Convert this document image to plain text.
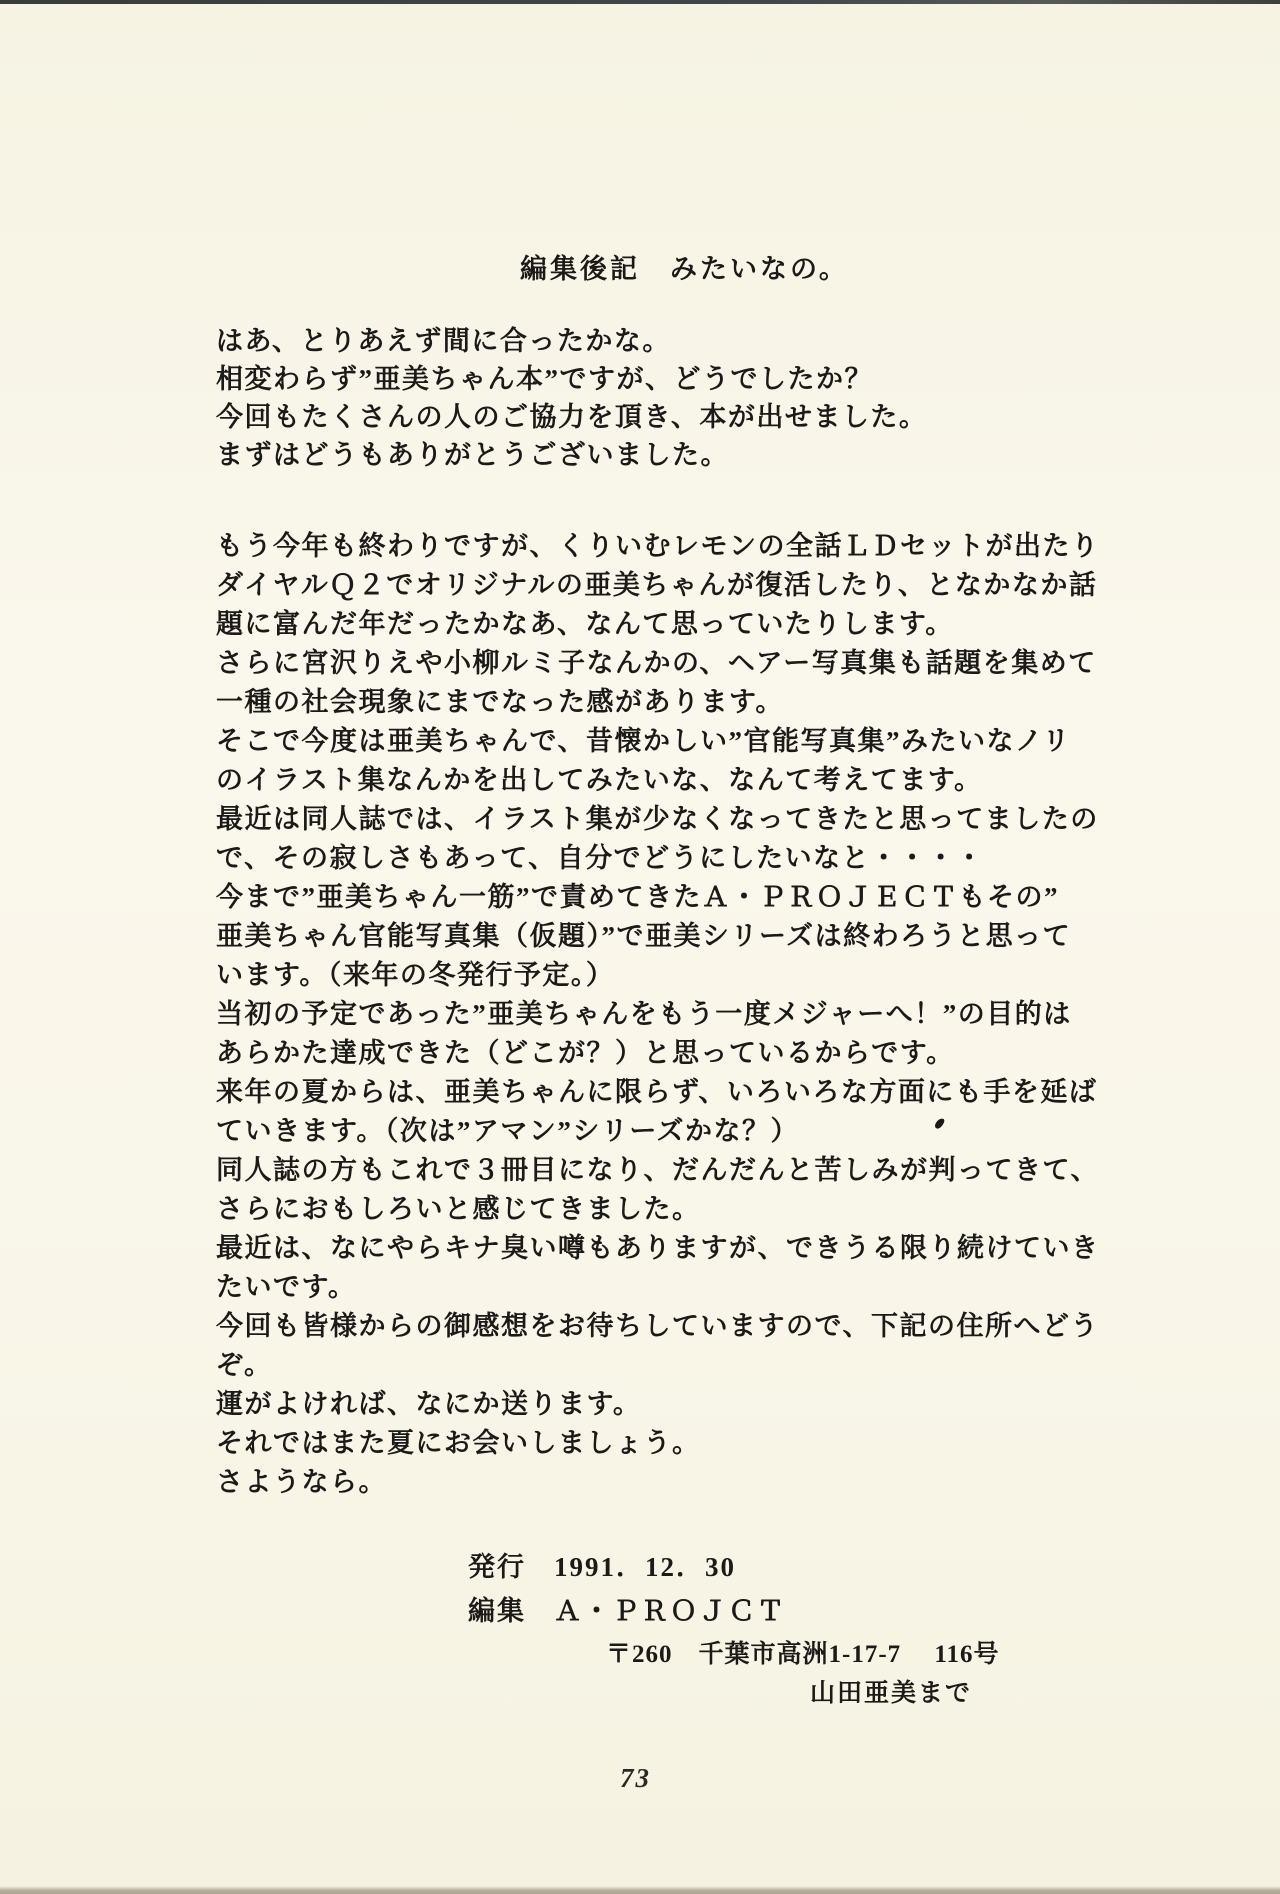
編集後記　みたいなの。
はあ、とりあえず間に合ったかな。
相変わらず”亜美ちゃん本”ですが、どうでしたか？
今回もたくさんの人のご協力を頂き、本が出せました。
まずはどうもありがとうございました。
もう今年も終わりですが、くりいむレモンの全話ＬＤセットが出たり
ダイヤルＱ２でオリジナルの亜美ちゃんが復活したり、となかなか話
題に富んだ年だったかなあ、なんて思っていたりします。
さらに宮沢りえや小柳ルミ子なんかの、ヘアー写真集も話題を集めて
一種の社会現象にまでなった感があります。
そこで今度は亜美ちゃんで、昔懐かしい”官能写真集”みたいなノリ
のイラスト集なんかを出してみたいな、なんて考えてます。
最近は同人誌では、イラスト集が少なくなってきたと思ってましたの
で、その寂しさもあって、自分でどうにしたいなと・・・・
今まで”亜美ちゃん一筋”で責めてきたＡ・ＰＲＯＪＥＣＴもその”
亜美ちゃん官能写真集（仮題）”で亜美シリーズは終わろうと思って
います。（来年の冬発行予定。）
当初の予定であった”亜美ちゃんをもう一度メジャーへ！”の目的は
あらかた達成できた（どこが？）と思っているからです。
来年の夏からは、亜美ちゃんに限らず、いろいろな方面にも手を延ば
ていきます。（次は”アマン”シリーズかな？）
同人誌の方もこれで３冊目になり、だんだんと苦しみが判ってきて、
さらにおもしろいと感じてきました。
最近は、なにやらキナ臭い噂もありますが、できうる限り続けていき
たいです。
今回も皆様からの御感想をお待ちしていますので、下記の住所へどう
ぞ。
運がよければ、なにか送ります。
それではまた夏にお会いしましょう。
さようなら。
発行 1991．12．30
編集 Ａ・ＰＲＯＪＣＴ
〒260　千葉市高洲1-17-7　 116号
山田亜美まで
73
